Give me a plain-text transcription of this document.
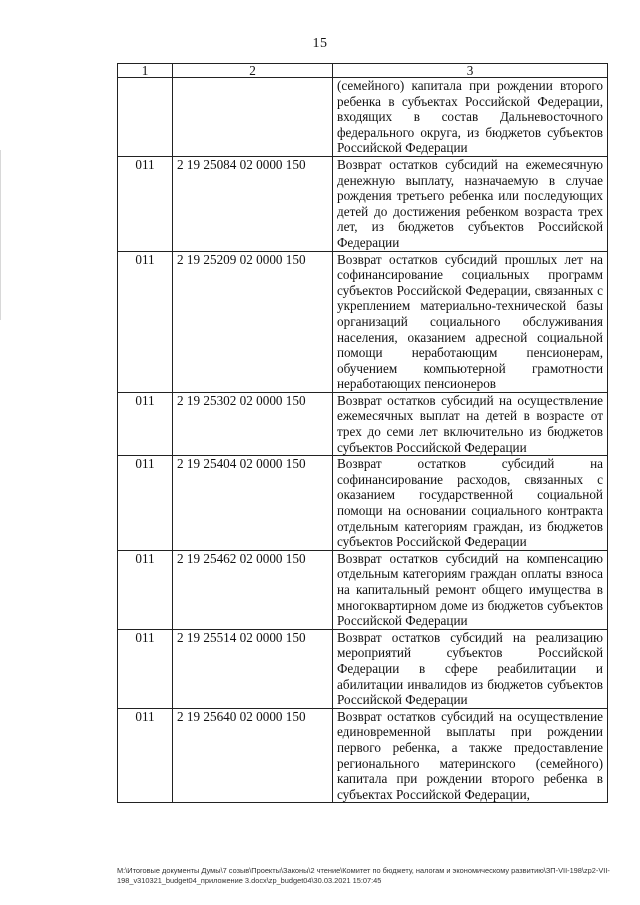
15
1	2	3
		(семейного) капитала при рождении второго ребенка в субъектах Российской Федерации, входящих в состав Дальневосточного федерального округа, из бюджетов субъектов Российской Федерации
011	2 19 25084 02 0000 150	Возврат остатков субсидий на ежемесячную денежную выплату, назначаемую в случае рождения третьего ребенка или последующих детей до достижения ребенком возраста трех лет, из бюджетов субъектов Российской Федерации
011	2 19 25209 02 0000 150	Возврат остатков субсидий прошлых лет на софинансирование социальных программ субъектов Российской Федерации, связанных с укреплением материально-технической базы организаций социального обслуживания населения, оказанием адресной социальной помощи неработающим пенсионерам, обучением компьютерной грамотности неработающих пенсионеров
011	2 19 25302 02 0000 150	Возврат остатков субсидий на осуществление ежемесячных выплат на детей в возрасте от трех до семи лет включительно из бюджетов субъектов Российской Федерации
011	2 19 25404 02 0000 150	Возврат остатков субсидий на софинансирование расходов, связанных с оказанием государственной социальной помощи на основании социального контракта отдельным категориям граждан, из бюджетов субъектов Российской Федерации
011	2 19 25462 02 0000 150	Возврат остатков субсидий на компенсацию отдельным категориям граждан оплаты взноса на капитальный ремонт общего имущества в многоквартирном доме из бюджетов субъектов Российской Федерации
011	2 19 25514 02 0000 150	Возврат остатков субсидий на реализацию мероприятий субъектов Российской Федерации в сфере реабилитации и абилитации инвалидов из бюджетов субъектов Российской Федерации
011	2 19 25640 02 0000 150	Возврат остатков субсидий на осуществление единовременной выплаты при рождении первого ребенка, а также предоставление регионального материнского (семейного) капитала при рождении второго ребенка в субъектах Российской Федерации,
M:\Итоговые документы Думы\7 созыв\Проекты\Законы\2 чтение\Комитет по бюджету, налогам и экономическому развитию\ЗП-VII-198\zp2-VII-
198_v310321_budget04_приложение 3.docx\zp_budget04\30.03.2021 15:07:45
